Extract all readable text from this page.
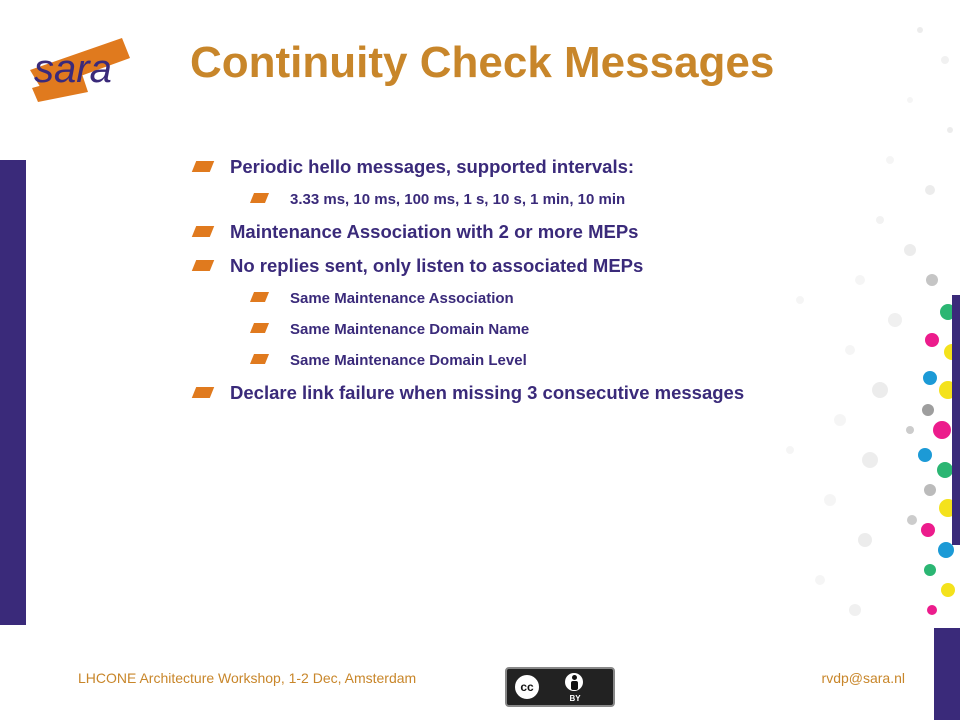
sara Continuity Check Messages
Periodic hello messages, supported intervals:
3.33 ms, 10 ms, 100 ms, 1 s, 10 s, 1 min, 10 min
Maintenance Association with 2 or more MEPs
No replies sent, only listen to associated MEPs
Same Maintenance Association
Same Maintenance Domain Name
Same Maintenance Domain Level
Declare link failure when missing 3 consecutive messages
LHCONE Architecture Workshop, 1-2 Dec, Amsterdam
cc
BY
rvdp@sara.nl
